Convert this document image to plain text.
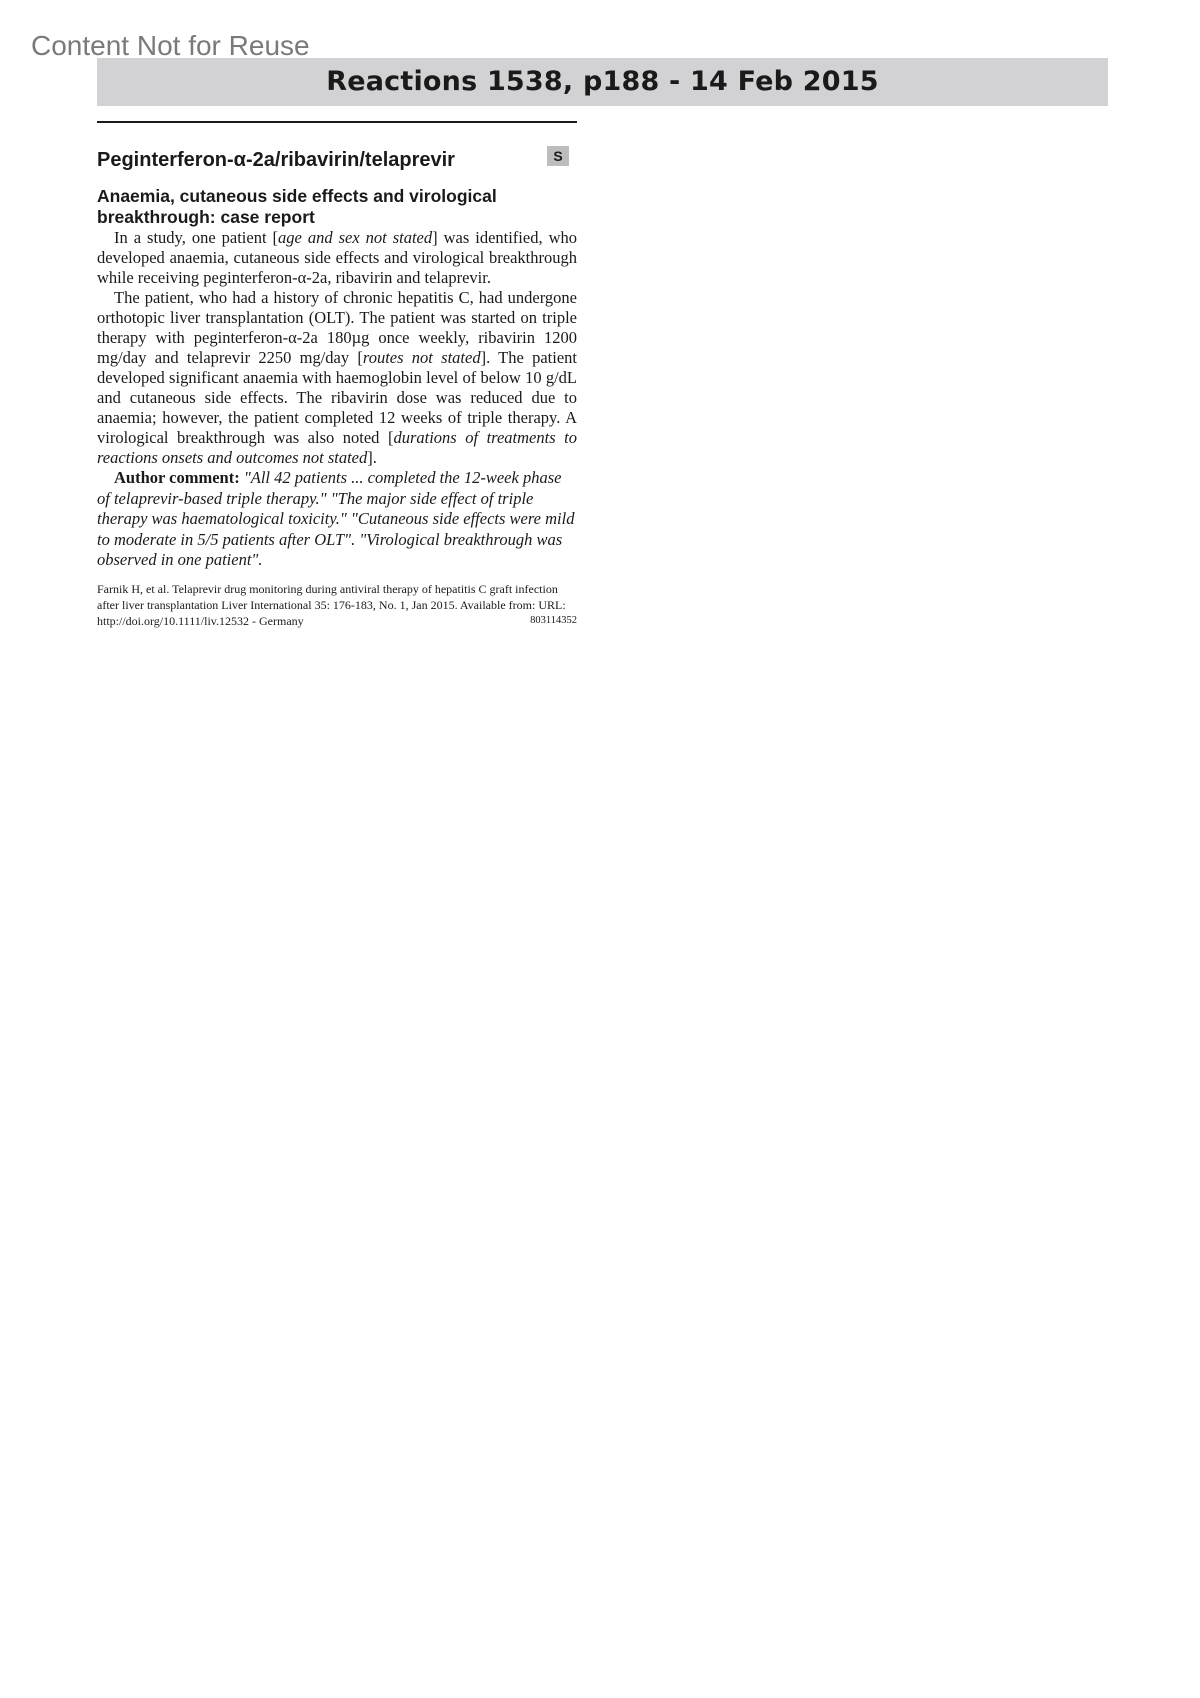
Content Not for Reuse
Reactions 1538, p188 - 14 Feb 2015
Peginterferon-α-2a/ribavirin/telaprevir	S
Anaemia, cutaneous side effects and virological breakthrough: case report

In a study, one patient [age and sex not stated] was identified, who developed anaemia, cutaneous side effects and virological breakthrough while receiving peginterferon-α-2a, ribavirin and telaprevir.

The patient, who had a history of chronic hepatitis C, had undergone orthotopic liver transplantation (OLT). The patient was started on triple therapy with peginterferon-α-2a 180µg once weekly, ribavirin 1200 mg/day and telaprevir 2250 mg/day [routes not stated]. The patient developed significant anaemia with haemoglobin level of below 10 g/dL and cutaneous side effects. The ribavirin dose was reduced due to anaemia; however, the patient completed 12 weeks of triple therapy. A virological breakthrough was also noted [durations of treatments to reactions onsets and outcomes not stated].

Author comment: "All 42 patients ... completed the 12-week phase of telaprevir-based triple therapy." "The major side effect of triple therapy was haematological toxicity." "Cutaneous side effects were mild to moderate in 5/5 patients after OLT". "Virological breakthrough was observed in one patient".

Farnik H, et al. Telaprevir drug monitoring during antiviral therapy of hepatitis C graft infection after liver transplantation Liver International 35: 176-183, No. 1, Jan 2015. Available from: URL: http://doi.org/10.1111/liv.12532 - Germany	803114352
